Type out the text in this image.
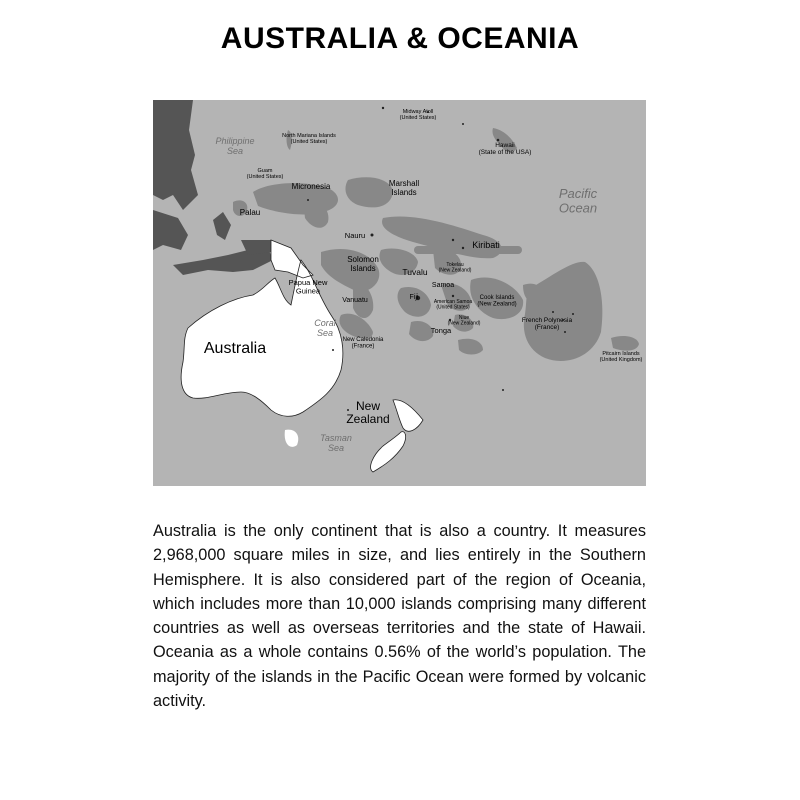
AUSTRALIA & OCEANIA
Midway Atoll (United States)
Hawaii (State of the USA)
Philippine Sea
North Mariana Islands (United States)
Guam (United States)
Micronesia	Marshall Islands	Pacific Ocean
Palau
Nauru
Kiribati
Solomon Islands	Tuvalu
Tokelau (New Zealand)
Papua New Guinea
Samoa
Vanuatu	Fiji
American Samoa (United States)
Cook Islands (New Zealand)
Niue (New Zealand)	French Polynesia (France)
Coral Sea
New Caledonia (France)
Tonga
Australia	Pitcairn Islands (United Kingdom)
New Zealand
Tasman Sea
Australia is the only continent that is also a country. It measures 2,968,000 square miles in size, and lies entirely in the Southern Hemisphere. It is also considered part of the region of Oceania, which includes more than 10,000 islands comprising many different countries as well as overseas territories and the state of Hawaii. Oceania as a whole contains 0.56% of the world’s population. The majority of the islands in the Pacific Ocean were formed by volcanic activity.
